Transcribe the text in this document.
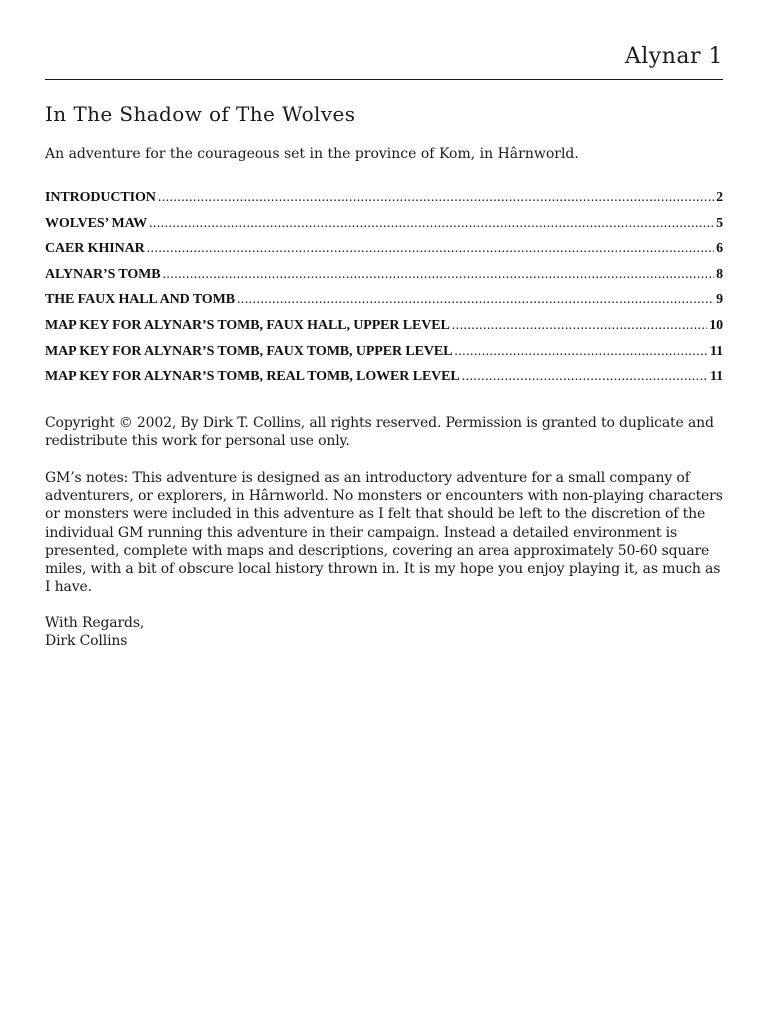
Alynar 1
In The Shadow of The Wolves
An adventure for the courageous set in the province of Kom, in Hârnworld.
INTRODUCTION .....	2
WOLVES’ MAW .....	5
CAER KHINAR .....	6
ALYNAR’S TOMB .....	8
THE FAUX HALL AND TOMB .....	9
MAP KEY FOR ALYNAR’S TOMB, FAUX HALL, UPPER LEVEL .....	10
MAP KEY FOR ALYNAR’S TOMB, FAUX TOMB, UPPER LEVEL .....	11
MAP KEY FOR ALYNAR’S TOMB, REAL TOMB, LOWER LEVEL .....	11

Copyright © 2002, By Dirk T. Collins, all rights reserved. Permission is granted to duplicate and redistribute this work for personal use only.

GM’s notes: This adventure is designed as an introductory adventure for a small company of adventurers, or explorers, in Hârnworld. No monsters or encounters with non-playing characters or monsters were included in this adventure as I felt that should be left to the discretion of the individual GM running this adventure in their campaign. Instead a detailed environment is presented, complete with maps and descriptions, covering an area approximately 50-60 square miles, with a bit of obscure local history thrown in. It is my hope you enjoy playing it, as much as I have.

With Regards,
Dirk Collins
